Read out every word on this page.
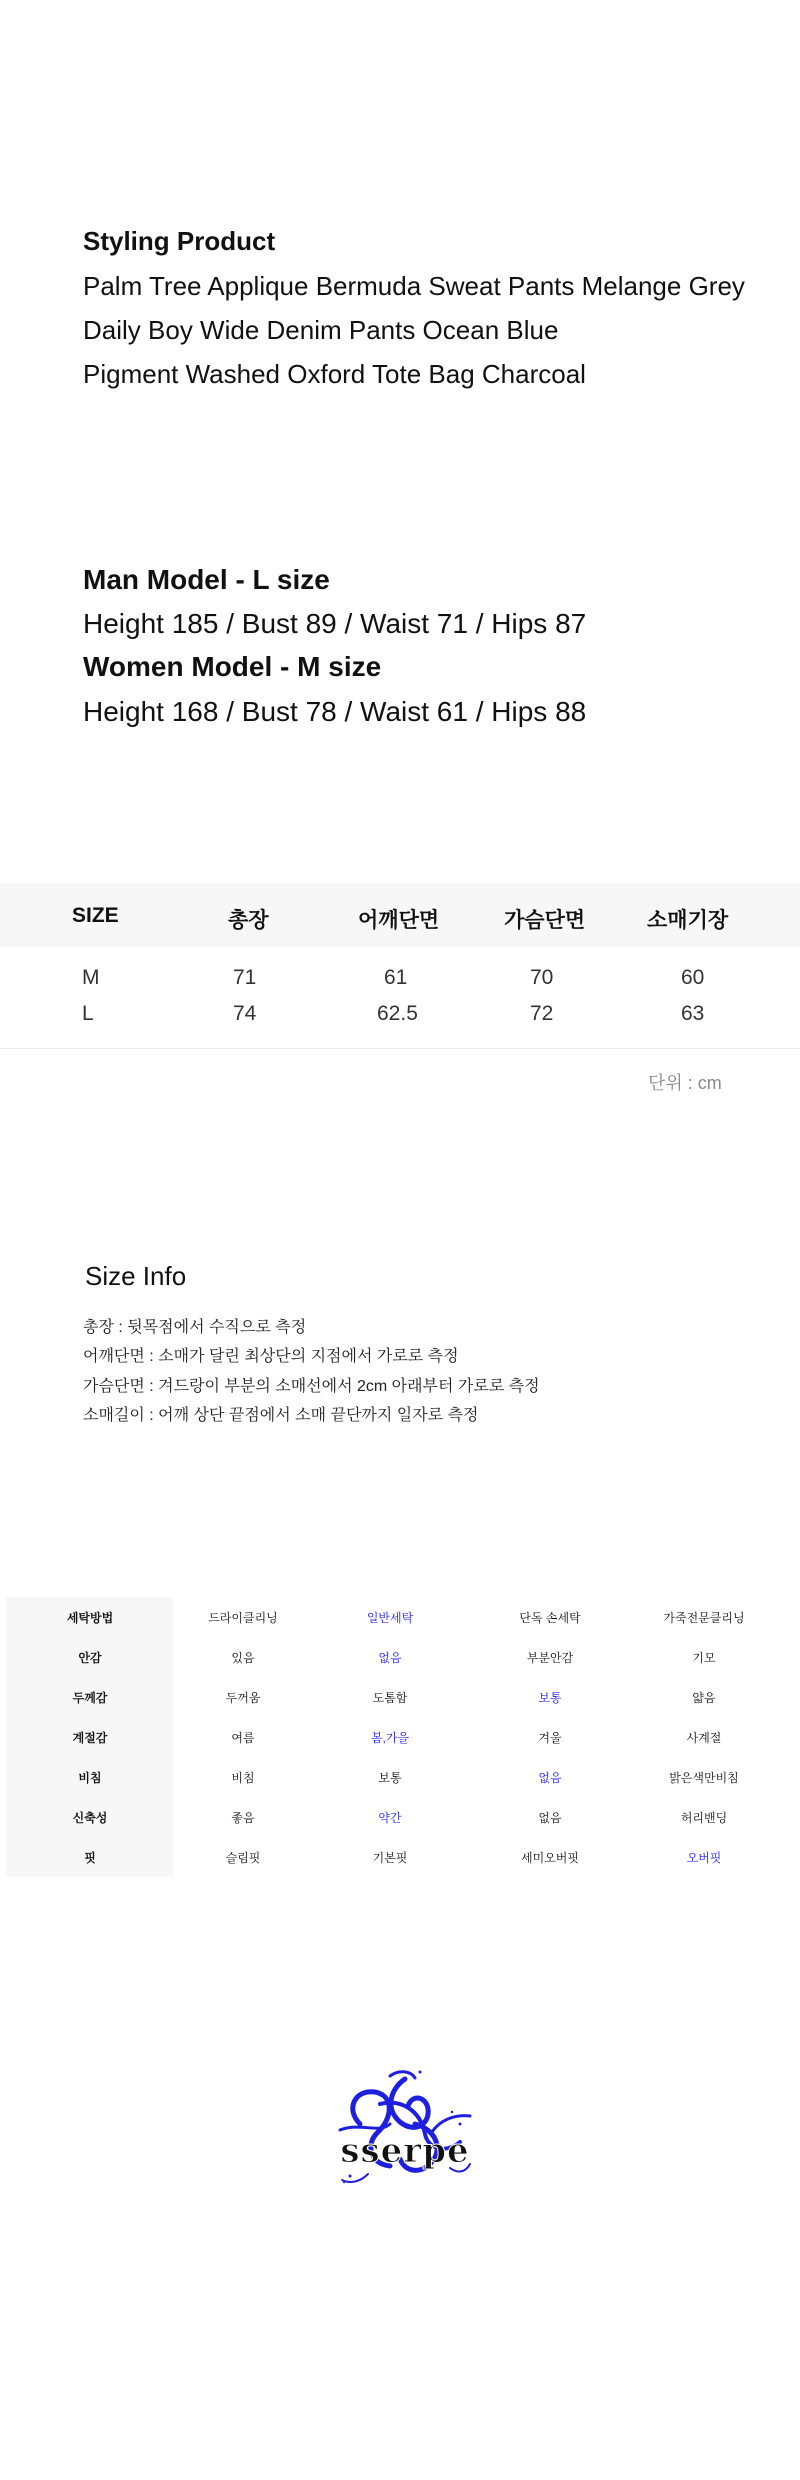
Styling Product
Palm Tree Applique Bermuda Sweat Pants Melange Grey
Daily Boy Wide Denim Pants Ocean Blue
Pigment Washed Oxford Tote Bag Charcoal
Man Model - L size
Height 185 / Bust 89 / Waist 71 / Hips 87
Women Model - M size
Height 168 / Bust 78 / Waist 61 / Hips 88
SIZE	총장	어깨단면	가슴단면	소매기장
M	71	61	70	60
L	74	62.5	72	63
단위 : cm
Size Info
총장 : 뒷목점에서 수직으로 측정
어깨단면 : 소매가 달린 최상단의 지점에서 가로로 측정
가슴단면 : 겨드랑이 부분의 소매선에서 2cm 아래부터 가로로 측정
소매길이 : 어깨 상단 끝점에서 소매 끝단까지 일자로 측정
세탁방법	드라이클리닝	일반세탁	단독 손세탁	가죽전문클리닝
안감	있음	없음	부분안감	기모
두께감	두꺼움	도톰함	보통	얇음
계절감	여름	봄,가을	겨울	사계절
비침	비침	보통	없음	밝은색만비침
신축성	좋음	약간	없음	허리밴딩
핏	슬림핏	기본핏	세미오버핏	오버핏
sserpe
